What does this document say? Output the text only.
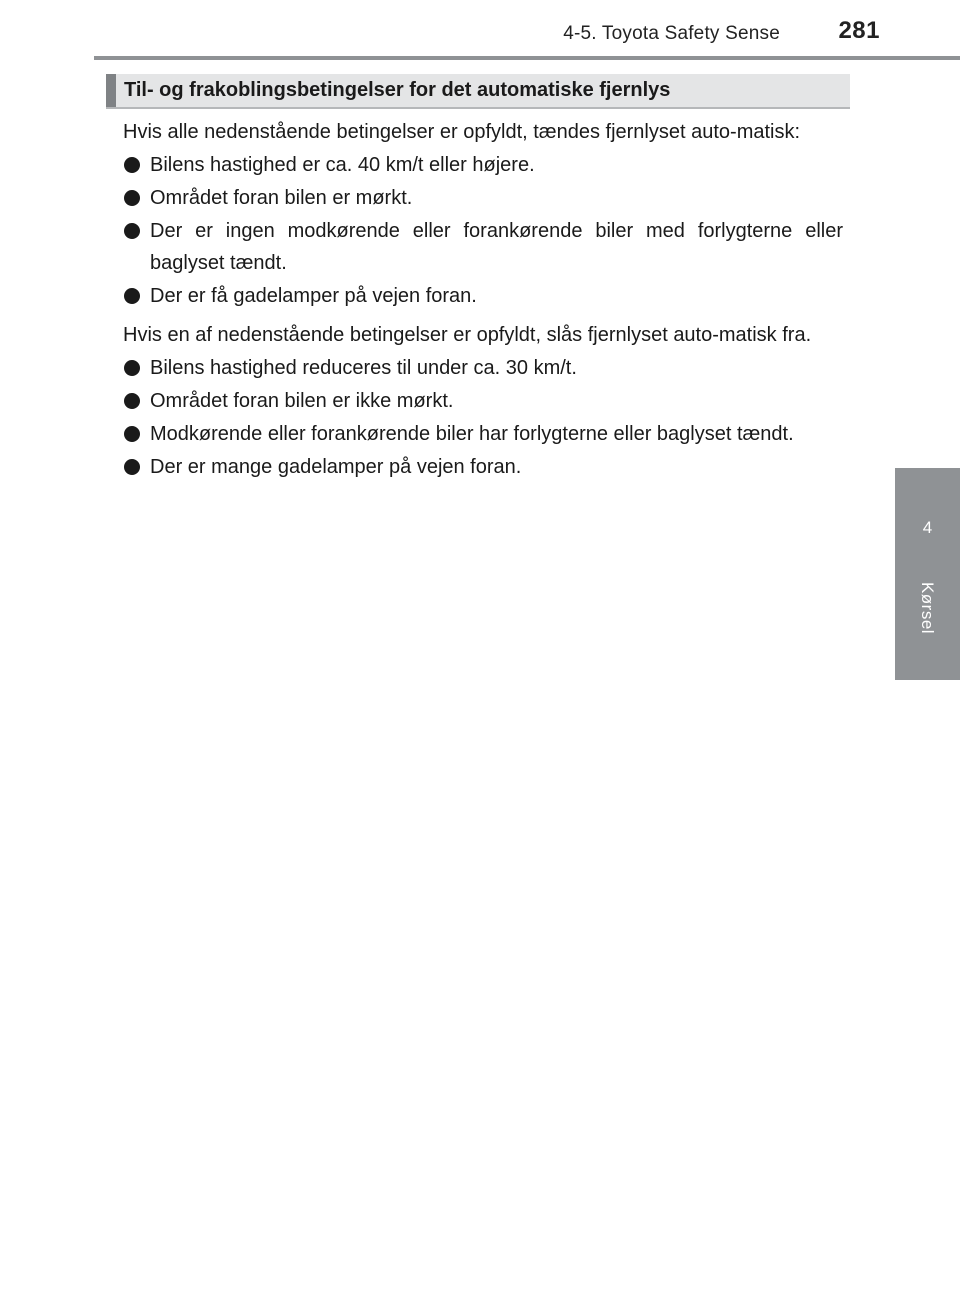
4-5. Toyota Safety Sense 281
4
Kørsel
Til- og frakoblingsbetingelser for det automatiske fjernlys

Hvis alle nedenstående betingelser er opfyldt, tændes fjernlyset auto-matisk:

Bilens hastighed er ca. 40 km/t eller højere.
Området foran bilen er mørkt.
Der er ingen modkørende eller forankørende biler med forlygterne eller baglyset tændt.
Der er få gadelamper på vejen foran.

Hvis en af nedenstående betingelser er opfyldt, slås fjernlyset auto-matisk fra.

Bilens hastighed reduceres til under ca. 30 km/t.
Området foran bilen er ikke mørkt.
Modkørende eller forankørende biler har forlygterne eller baglyset tændt.
Der er mange gadelamper på vejen foran.
